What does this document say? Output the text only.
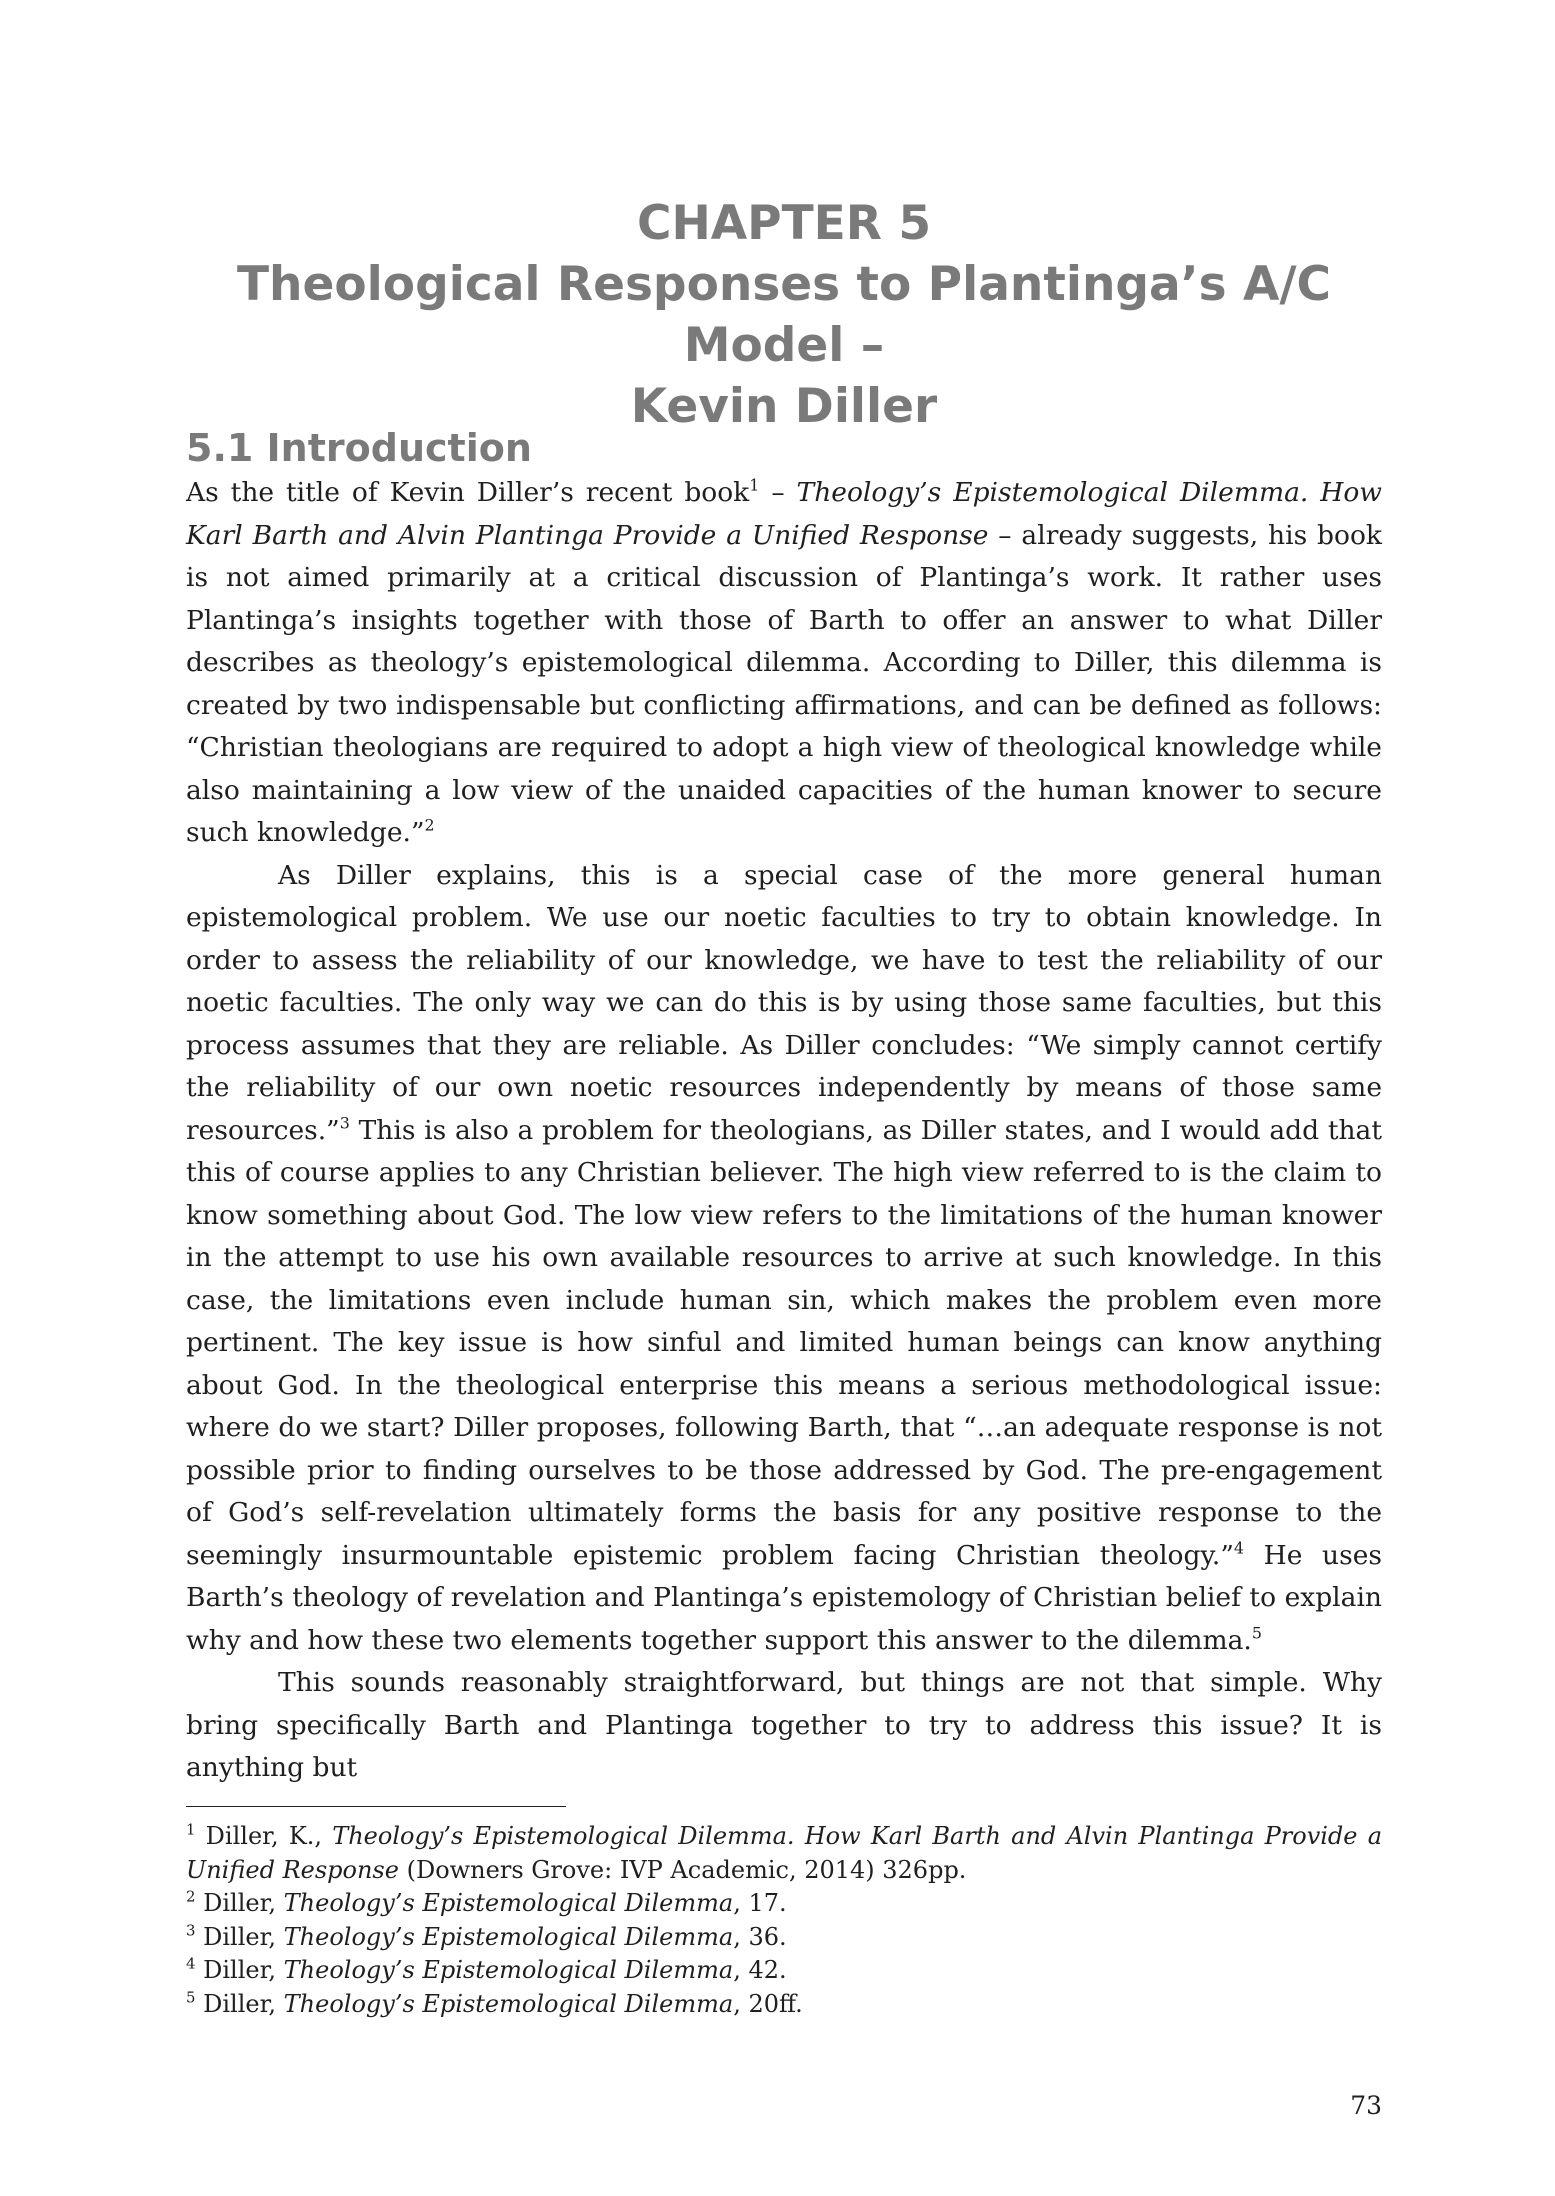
CHAPTER 5
Theological Responses to Plantinga’s A/C Model –
Kevin Diller
5.1 Introduction

As the title of Kevin Diller’s recent book$^1$ – Theology’s Epistemological Dilemma. How Karl Barth and Alvin Plantinga Provide a Unified Response – already suggests, his book is not aimed primarily at a critical discussion of Plantinga’s work. It rather uses Plantinga’s insights together with those of Barth to offer an answer to what Diller describes as theology’s epistemological dilemma. According to Diller, this dilemma is created by two indispensable but conflicting affirmations, and can be defined as follows: “Christian theologians are required to adopt a high view of theological knowledge while also maintaining a low view of the unaided capacities of the human knower to secure such knowledge.”$^2$

As Diller explains, this is a special case of the more general human epistemological problem. We use our noetic faculties to try to obtain knowledge. In order to assess the reliability of our knowledge, we have to test the reliability of our noetic faculties. The only way we can do this is by using those same faculties, but this process assumes that they are reliable. As Diller concludes: “We simply cannot certify the reliability of our own noetic resources independently by means of those same resources.”$^3$ This is also a problem for theologians, as Diller states, and I would add that this of course applies to any Christian believer. The high view referred to is the claim to know something about God. The low view refers to the limitations of the human knower in the attempt to use his own available resources to arrive at such knowledge. In this case, the limitations even include human sin, which makes the problem even more pertinent. The key issue is how sinful and limited human beings can know anything about God. In the theological enterprise this means a serious methodological issue: where do we start? Diller proposes, following Barth, that “…an adequate response is not possible prior to finding ourselves to be those addressed by God. The pre-engagement of God’s self-revelation ultimately forms the basis for any positive response to the seemingly insurmountable epistemic problem facing Christian theology.”$^4$ He uses Barth’s theology of revelation and Plantinga’s epistemology of Christian belief to explain why and how these two elements together support this answer to the dilemma.$^5$

This sounds reasonably straightforward, but things are not that simple. Why bring specifically Barth and Plantinga together to try to address this issue? It is anything but

$^1$ Diller, K., Theology’s Epistemological Dilemma. How Karl Barth and Alvin Plantinga Provide a Unified Response (Downers Grove: IVP Academic, 2014) 326pp.

$^2$ Diller, Theology’s Epistemological Dilemma, 17.

$^3$ Diller, Theology’s Epistemological Dilemma, 36.

$^4$ Diller, Theology’s Epistemological Dilemma, 42.

$^5$ Diller, Theology’s Epistemological Dilemma, 20ff.

73
